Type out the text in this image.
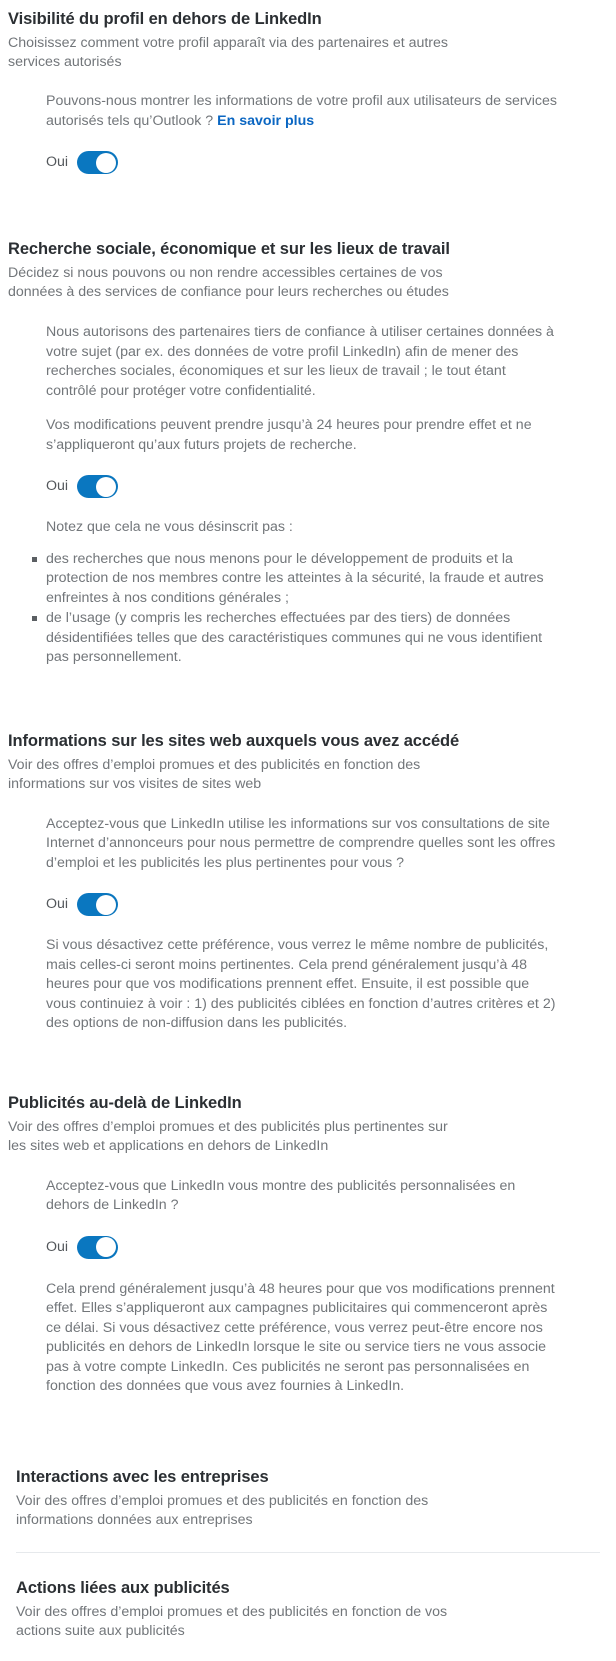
Visibilité du profil en dehors de LinkedIn

Choisissez comment votre profil apparaît via des partenaires et autres services autorisés

Pouvons-nous montrer les informations de votre profil aux utilisateurs de services autorisés tels qu’Outlook ? En savoir plus

Oui
Recherche sociale, économique et sur les lieux de travail

Décidez si nous pouvons ou non rendre accessibles certaines de vos données à des services de confiance pour leurs recherches ou études

Nous autorisons des partenaires tiers de confiance à utiliser certaines données à votre sujet (par ex. des données de votre profil LinkedIn) afin de mener des recherches sociales, économiques et sur les lieux de travail ; le tout étant contrôlé pour protéger votre confidentialité.

Vos modifications peuvent prendre jusqu’à 24 heures pour prendre effet et ne s’appliqueront qu’aux futurs projets de recherche.

Oui

Notez que cela ne vous désinscrit pas :

des recherches que nous menons pour le développement de produits et la protection de nos membres contre les atteintes à la sécurité, la fraude et autres enfreintes à nos conditions générales ;
de l’usage (y compris les recherches effectuées par des tiers) de données désidentifiées telles que des caractéristiques communes qui ne vous identifient pas personnellement.
Informations sur les sites web auxquels vous avez accédé

Voir des offres d’emploi promues et des publicités en fonction des informations sur vos visites de sites web

Acceptez-vous que LinkedIn utilise les informations sur vos consultations de site Internet d’annonceurs pour nous permettre de comprendre quelles sont les offres d’emploi et les publicités les plus pertinentes pour vous ?

Oui

Si vous désactivez cette préférence, vous verrez le même nombre de publicités, mais celles-ci seront moins pertinentes. Cela prend généralement jusqu’à 48 heures pour que vos modifications prennent effet. Ensuite, il est possible que vous continuiez à voir : 1) des publicités ciblées en fonction d’autres critères et 2) des options de non-diffusion dans les publicités.

Publicités au-delà de LinkedIn

Voir des offres d’emploi promues et des publicités plus pertinentes sur les sites web et applications en dehors de LinkedIn

Acceptez-vous que LinkedIn vous montre des publicités personnalisées en dehors de LinkedIn ?

Oui

Cela prend généralement jusqu’à 48 heures pour que vos modifications prennent effet. Elles s’appliqueront aux campagnes publicitaires qui commenceront après ce délai. Si vous désactivez cette préférence, vous verrez peut-être encore nos publicités en dehors de LinkedIn lorsque le site ou service tiers ne vous associe pas à votre compte LinkedIn. Ces publicités ne seront pas personnalisées en fonction des données que vous avez fournies à LinkedIn.

Interactions avec les entreprises

Voir des offres d’emploi promues et des publicités en fonction des informations données aux entreprises

Actions liées aux publicités

Voir des offres d’emploi promues et des publicités en fonction de vos actions suite aux publicités
